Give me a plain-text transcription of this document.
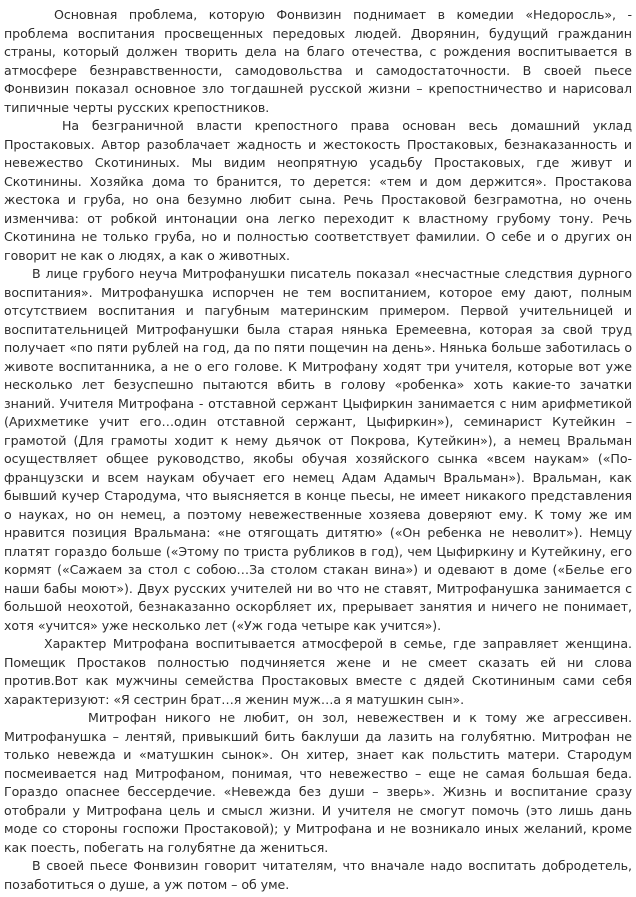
Основная проблема, которую Фонвизин поднимает в комедии «Недоросль», - проблема воспитания просвещенных передовых людей. Дворянин, будущий гражданин страны, который должен творить дела на благо отечества, с рождения воспитывается в атмосфере безнравственности, самодовольства и самодостаточности. В своей пьесе Фонвизин показал основное зло тогдашней русской жизни – крепостничество и нарисовал типичные черты русских крепостников.

На безграничной власти крепостного права основан весь домашний уклад Простаковых. Автор разоблачает жадность и жестокость Простаковых, безнаказанность и невежество Скотининых. Мы видим неопрятную усадьбу Простаковых, где живут и Скотинины. Хозяйка дома то бранится, то дерется: «тем и дом держится». Простакова жестока и груба, но она безумно любит сына. Речь Простаковой безграмотна, но очень изменчива: от робкой интонации она легко переходит к властному грубому тону. Речь Скотинина не только груба, но и полностью соответствует фамилии. О себе и о других он говорит не как о людях, а как о животных.

В лице грубого неуча Митрофанушки писатель показал «несчастные следствия дурного воспитания». Митрофанушка испорчен не тем воспитанием, которое ему дают, полным отсутствием воспитания и пагубным материнским примером. Первой учительницей и воспитательницей Митрофанушки была старая нянька Еремеевна, которая за свой труд получает «по пяти рублей на год, да по пяти пощечин на день». Нянька больше заботилась о животе воспитанника, а не о его голове. К Митрофану ходят три учителя, которые вот уже несколько лет безуспешно пытаются вбить в голову «робенка» хоть какие-то зачатки знаний. Учителя Митрофана - отставной сержант Цыфиркин занимается с ним арифметикой (Арихметике учит его…один отставной сержант, Цыфиркин»), семинарист Кутейкин – грамотой (Для грамоты ходит к нему дьячок от Покрова, Кутейкин»), а немец Вральман осуществляет общее руководство, якобы обучая хозяйского сынка «всем наукам» («По-французски и всем наукам обучает его немец Адам Адамыч Вральман»). Вральман, как бывший кучер Стародума, что выясняется в конце пьесы, не имеет никакого представления о науках, но он немец, а поэтому невежественные хозяева доверяют ему. К тому же им нравится позиция Вральмана: «не отягощать дитятю» («Он ребенка не неволит»). Немцу платят гораздо больше («Этому по триста рубликов в год), чем Цыфиркину и Кутейкину, его кормят («Сажаем за стол с собою…За столом стакан вина») и одевают в доме («Белье его наши бабы моют»). Двух русских учителей ни во что не ставят, Митрофанушка занимается с большой неохотой, безнаказанно оскорбляет их, прерывает занятия и ничего не понимает, хотя «учится» уже несколько лет («Уж года четыре как учится»).

Характер Митрофана воспитывается атмосферой в семье, где заправляет женщина. Помещик Простаков полностью подчиняется жене и не смеет сказать ей ни слова против.Вот как мужчины семейства Простаковых вместе с дядей Скотининым сами себя характеризуют: «Я сестрин брат…я женин муж…а я матушкин сын».

Митрофан никого не любит, он зол, невежествен и к тому же агрессивен. Митрофанушка – лентяй, привыкший бить баклуши да лазить на голубятню. Митрофан не только невежда и «матушкин сынок». Он хитер, знает как польстить матери. Стародум посмеивается над Митрофаном, понимая, что невежество – еще не самая большая беда. Гораздо опаснее бессердечие. «Невежда без души – зверь». Жизнь и воспитание сразу отобрали у Митрофана цель и смысл жизни. И учителя не смогут помочь (это лишь дань моде со стороны госпожи Простаковой); у Митрофана и не возникало иных желаний, кроме как поесть, побегать на голубятне да жениться.

В своей пьесе Фонвизин говорит читателям, что вначале надо воспитать добродетель, позаботиться о душе, а уж потом – об уме.
